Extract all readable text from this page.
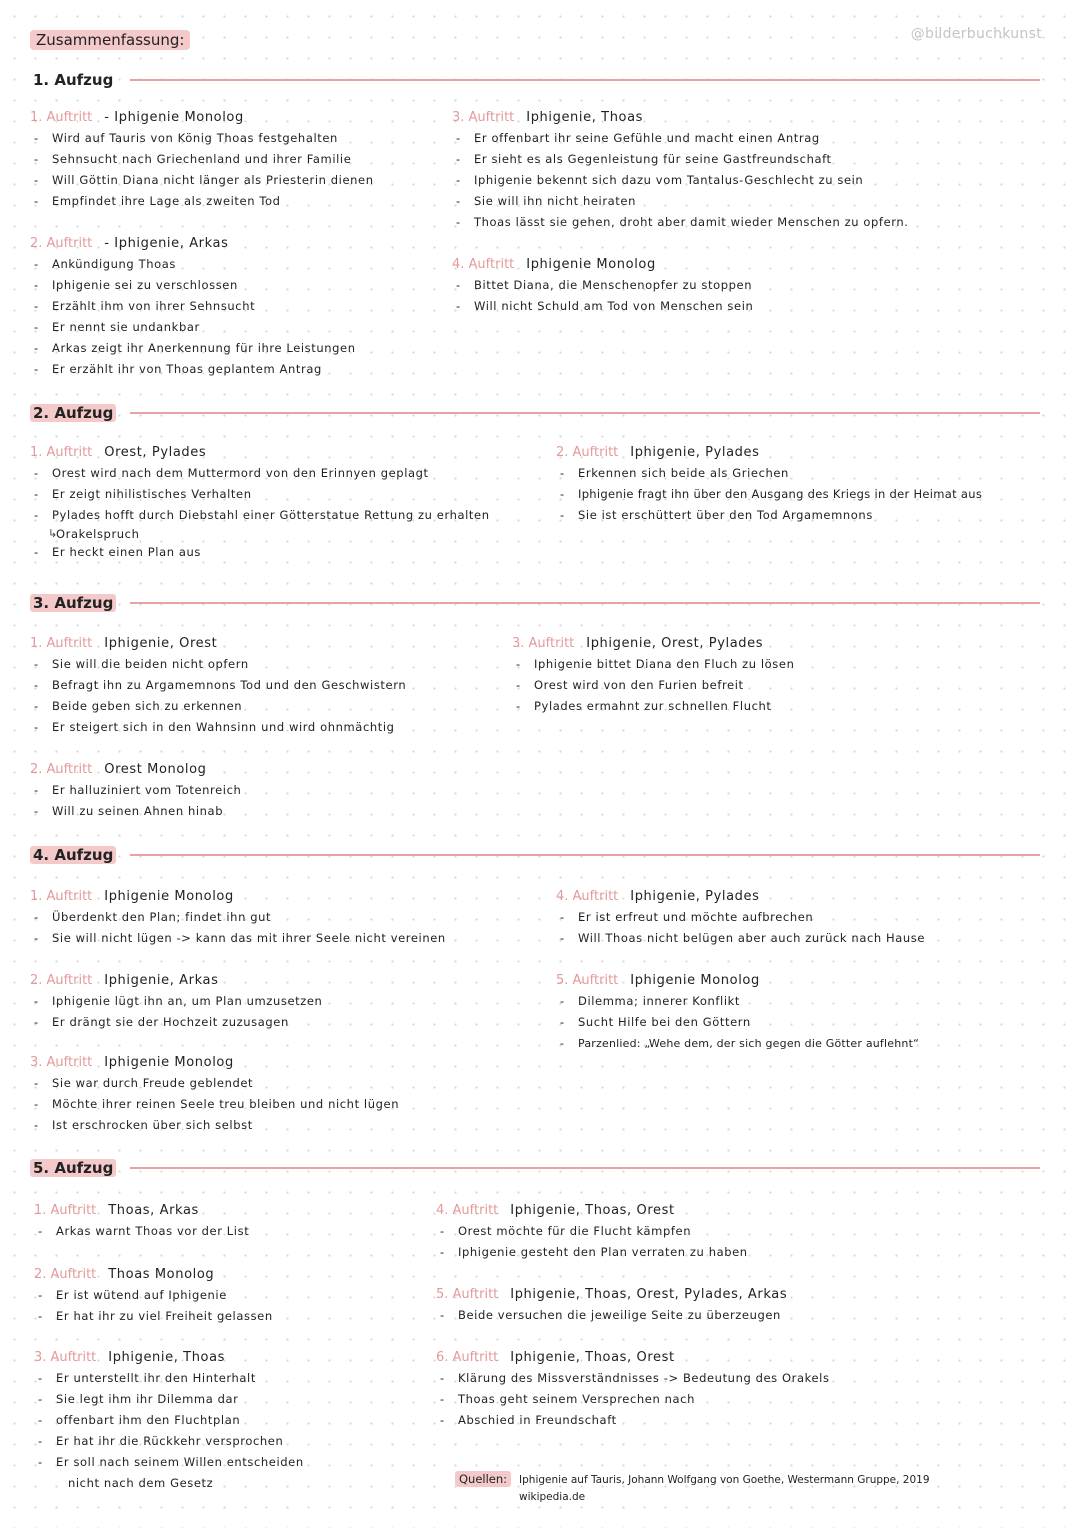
Zusammenfassung:	@bilderbuchkunst
1. Aufzug
2. Aufzug
3. Aufzug
4. Aufzug
5. Aufzug
1. Auftritt - Iphigenie Monolog
- Wird auf Tauris von König Thoas festgehalten
- Sehnsucht nach Griechenland und ihrer Familie
- Will Göttin Diana nicht länger als Priesterin dienen
- Empfindet ihre Lage als zweiten Tod
2. Auftritt - Iphigenie, Arkas
- Ankündigung Thoas
- Iphigenie sei zu verschlossen
- Erzählt ihm von ihrer Sehnsucht
- Er nennt sie undankbar
- Arkas zeigt ihr Anerkennung für ihre Leistungen
- Er erzählt ihr von Thoas geplantem Antrag
3. Auftritt Iphigenie, Thoas
- Er offenbart ihr seine Gefühle und macht einen Antrag
- Er sieht es als Gegenleistung für seine Gastfreundschaft
- Iphigenie bekennt sich dazu vom Tantalus-Geschlecht zu sein
- Sie will ihn nicht heiraten
- Thoas lässt sie gehen, droht aber damit wieder Menschen zu opfern.
4. Auftritt Iphigenie Monolog
- Bittet Diana, die Menschenopfer zu stoppen
- Will nicht Schuld am Tod von Menschen sein
1. Auftritt Orest, Pylades
- Orest wird nach dem Muttermord von den Erinnyen geplagt
- Er zeigt nihilistisches Verhalten
- Pylades hofft durch Diebstahl einer Götterstatue Rettung zu erhalten
↳ Orakelspruch
- Er heckt einen Plan aus
2. Auftritt Iphigenie, Pylades
- Erkennen sich beide als Griechen
- Iphigenie fragt ihn über den Ausgang des Kriegs in der Heimat aus
- Sie ist erschüttert über den Tod Argamemnons
1. Auftritt Iphigenie, Orest
- Sie will die beiden nicht opfern
- Befragt ihn zu Argamemnons Tod und den Geschwistern
- Beide geben sich zu erkennen
- Er steigert sich in den Wahnsinn und wird ohnmächtig
2. Auftritt Orest Monolog
- Er halluziniert vom Totenreich
- Will zu seinen Ahnen hinab
3. Auftritt Iphigenie, Orest, Pylades
- Iphigenie bittet Diana den Fluch zu lösen
- Orest wird von den Furien befreit
- Pylades ermahnt zur schnellen Flucht
1. Auftritt Iphigenie Monolog
- Überdenkt den Plan; findet ihn gut
- Sie will nicht lügen -> kann das mit ihrer Seele nicht vereinen
2. Auftritt Iphigenie, Arkas
- Iphigenie lügt ihn an, um Plan umzusetzen
- Er drängt sie der Hochzeit zuzusagen
3. Auftritt Iphigenie Monolog
- Sie war durch Freude geblendet
- Möchte ihrer reinen Seele treu bleiben und nicht lügen
- Ist erschrocken über sich selbst
4. Auftritt Iphigenie, Pylades
- Er ist erfreut und möchte aufbrechen
- Will Thoas nicht belügen aber auch zurück nach Hause
5. Auftritt Iphigenie Monolog
- Dilemma; innerer Konflikt
- Sucht Hilfe bei den Göttern
- Parzenlied: „Wehe dem, der sich gegen die Götter auflehnt“
1. Auftritt Thoas, Arkas
- Arkas warnt Thoas vor der List
2. Auftritt Thoas Monolog
- Er ist wütend auf Iphigenie
- Er hat ihr zu viel Freiheit gelassen
3. Auftritt Iphigenie, Thoas
- Er unterstellt ihr den Hinterhalt
- Sie legt ihm ihr Dilemma dar
- offenbart ihm den Fluchtplan
- Er hat ihr die Rückkehr versprochen
- Er soll nach seinem Willen entscheiden
nicht nach dem Gesetz
4. Auftritt Iphigenie, Thoas, Orest
- Orest möchte für die Flucht kämpfen
- Iphigenie gesteht den Plan verraten zu haben
5. Auftritt Iphigenie, Thoas, Orest, Pylades, Arkas
- Beide versuchen die jeweilige Seite zu überzeugen
6. Auftritt Iphigenie, Thoas, Orest
- Klärung des Missverständnisses -> Bedeutung des Orakels
- Thoas geht seinem Versprechen nach
- Abschied in Freundschaft
Quellen: Iphigenie auf Tauris, Johann Wolfgang von Goethe, Westermann Gruppe, 2019
wikipedia.de
